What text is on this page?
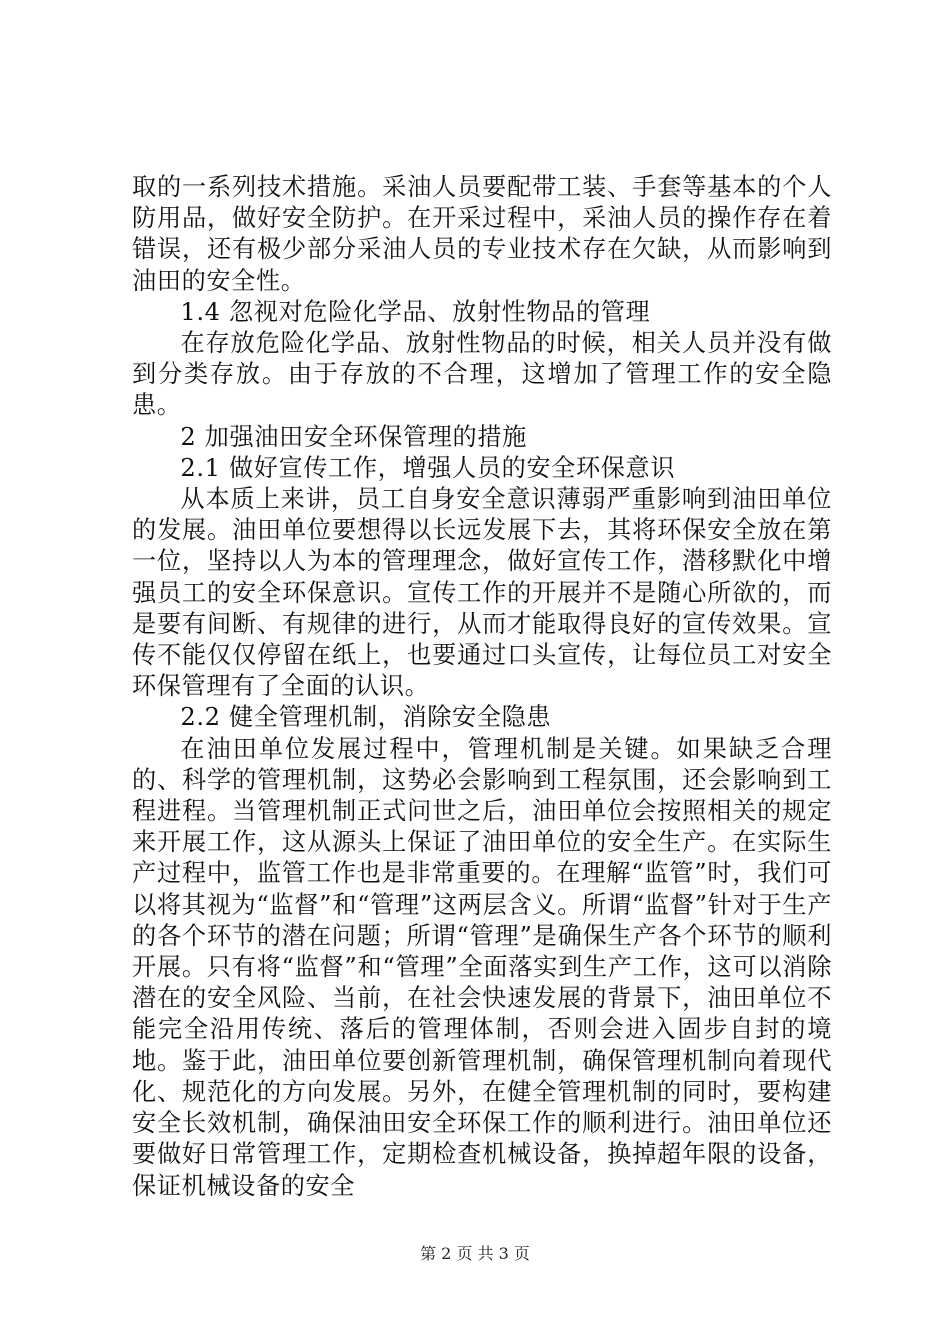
取的一系列技术措施。采油人员要配带工装、手套等基本的个人防用品，做好安全防护。在开采过程中，采油人员的操作存在着错误，还有极少部分采油人员的专业技术存在欠缺，从而影响到油田的安全性。

1.4 忽视对危险化学品、放射性物品的管理

在存放危险化学品、放射性物品的时候，相关人员并没有做到分类存放。由于存放的不合理，这增加了管理工作的安全隐患。

2 加强油田安全环保管理的措施

2.1 做好宣传工作，增强人员的安全环保意识

从本质上来讲，员工自身安全意识薄弱严重影响到油田单位的发展。油田单位要想得以长远发展下去，其将环保安全放在第一位，坚持以人为本的管理理念，做好宣传工作，潜移默化中增强员工的安全环保意识。宣传工作的开展并不是随心所欲的，而是要有间断、有规律的进行，从而才能取得良好的宣传效果。宣传不能仅仅停留在纸上，也要通过口头宣传，让每位员工对安全环保管理有了全面的认识。

2.2 健全管理机制，消除安全隐患

在油田单位发展过程中，管理机制是关键。如果缺乏合理的、科学的管理机制，这势必会影响到工程氛围，还会影响到工程进程。当管理机制正式问世之后，油田单位会按照相关的规定来开展工作，这从源头上保证了油田单位的安全生产。在实际生产过程中，监管工作也是非常重要的。在理解“监管”时，我们可以将其视为“监督”和“管理”这两层含义。所谓“监督”针对于生产的各个环节的潜在问题；所谓“管理”是确保生产各个环节的顺利开展。只有将“监督”和“管理”全面落实到生产工作，这可以消除潜在的安全风险、当前，在社会快速发展的背景下，油田单位不能完全沿用传统、落后的管理体制，否则会进入固步自封的境地。鉴于此，油田单位要创新管理机制，确保管理机制向着现代化、规范化的方向发展。另外，在健全管理机制的同时，要构建安全长效机制，确保油田安全环保工作的顺利进行。油田单位还要做好日常管理工作，定期检查机械设备，换掉超年限的设备，保证机械设备的安全

第 2 页 共 3 页
